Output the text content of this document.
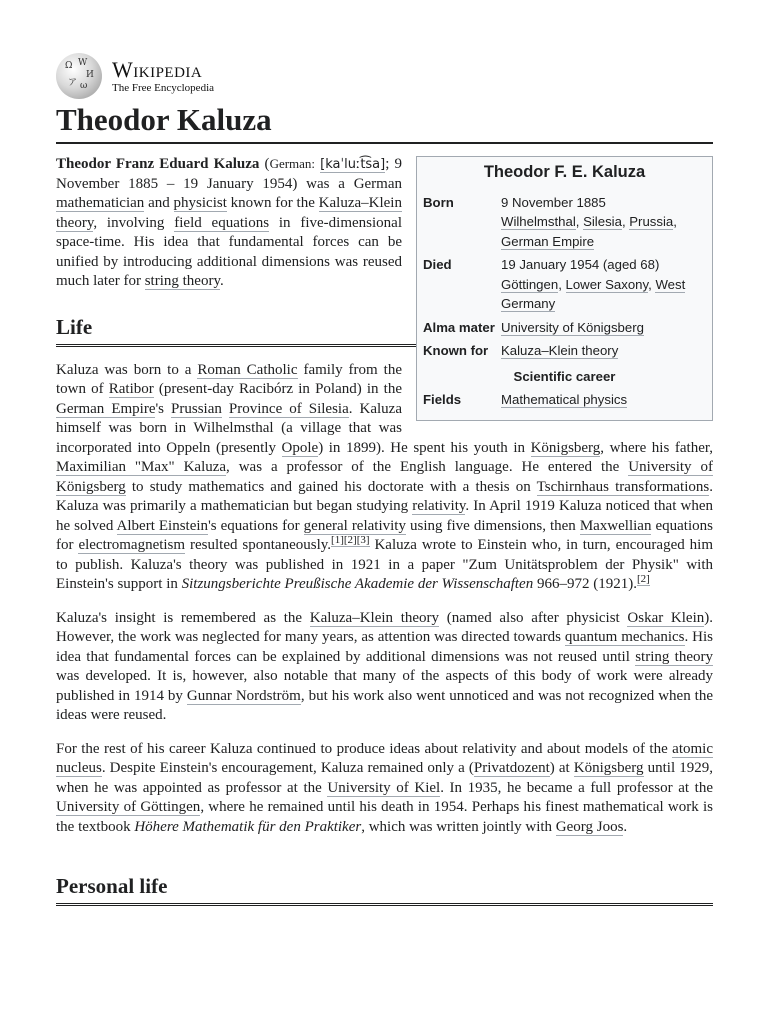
Ω W
И
ア ω
Wikipedia
The Free Encyclopedia
Theodor Kaluza
Theodor F. E. Kaluza
Born	9 November 1885
Wilhelmsthal, Silesia, Prussia,
German Empire
Died	19 January 1954 (aged 68)
Göttingen, Lower Saxony, West Germany
Alma mater	University of Königsberg
Known for	Kaluza–Klein theory
Scientific career	
Fields	Mathematical physics

Theodor Franz Eduard Kaluza (German: [kaˈluːt͡sa]; 9 November 1885 – 19 January 1954) was a German mathematician and physicist known for the Kaluza–Klein theory, involving field equations in five-dimensional space-time. His idea that fundamental forces can be unified by introducing additional dimensions was reused much later for string theory.

Life

Kaluza was born to a Roman Catholic family from the town of Ratibor (present-day Racibórz in Poland) in the German Empire's Prussian Province of Silesia. Kaluza himself was born in Wilhelmsthal (a village that was incorporated into Oppeln (presently Opole) in 1899). He spent his youth in Königsberg, where his father, Maximilian "Max" Kaluza, was a professor of the English language. He entered the University of Königsberg to study mathematics and gained his doctorate with a thesis on Tschirnhaus transformations. Kaluza was primarily a mathematician but began studying relativity. In April 1919 Kaluza noticed that when he solved Albert Einstein's equations for general relativity using five dimensions, then Maxwellian equations for electromagnetism resulted spontaneously.[1][2][3] Kaluza wrote to Einstein who, in turn, encouraged him to publish. Kaluza's theory was published in 1921 in a paper "Zum Unitätsproblem der Physik" with Einstein's support in Sitzungsberichte Preußische Akademie der Wissenschaften 966–972 (1921).[2]

Kaluza's insight is remembered as the Kaluza–Klein theory (named also after physicist Oskar Klein). However, the work was neglected for many years, as attention was directed towards quantum mechanics. His idea that fundamental forces can be explained by additional dimensions was not reused until string theory was developed. It is, however, also notable that many of the aspects of this body of work were already published in 1914 by Gunnar Nordström, but his work also went unnoticed and was not recognized when the ideas were reused.

For the rest of his career Kaluza continued to produce ideas about relativity and about models of the atomic nucleus. Despite Einstein's encouragement, Kaluza remained only a (Privatdozent) at Königsberg until 1929, when he was appointed as professor at the University of Kiel. In 1935, he became a full professor at the University of Göttingen, where he remained until his death in 1954. Perhaps his finest mathematical work is the textbook Höhere Mathematik für den Praktiker, which was written jointly with Georg Joos.

Personal life
